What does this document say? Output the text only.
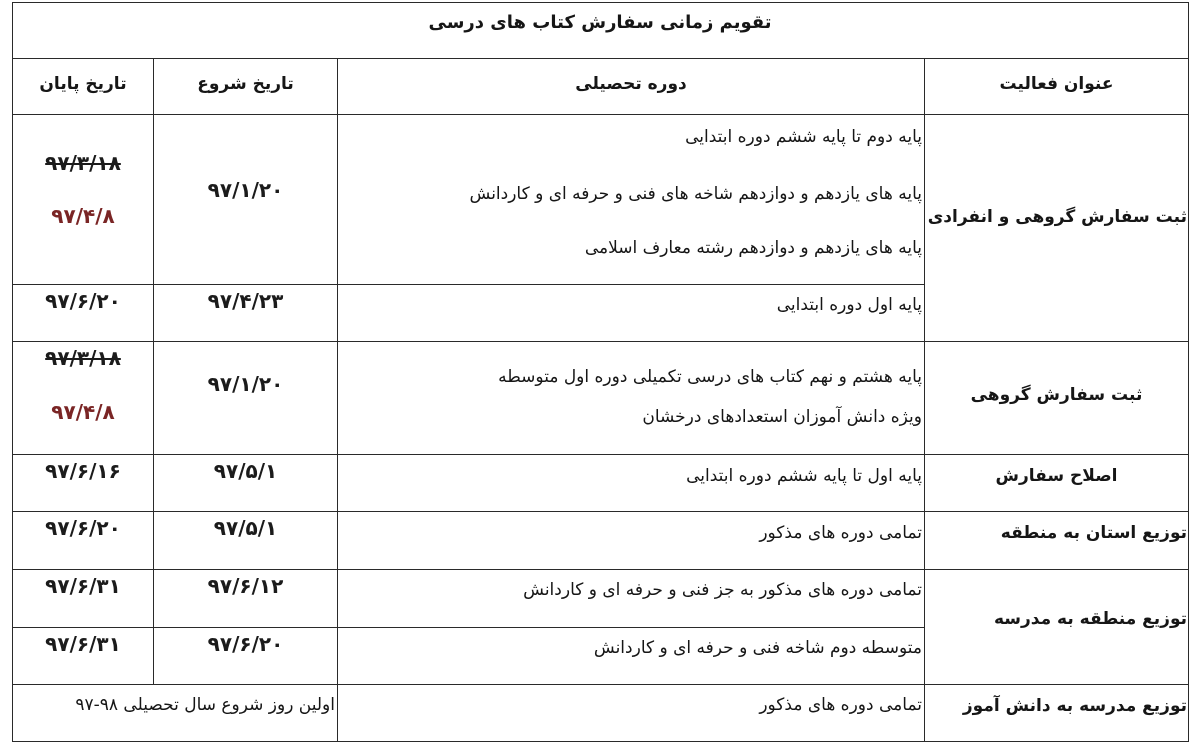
تقویم زمانی سفارش کتاب های درسی
عنوان فعالیت
دوره تحصیلی
تاریخ شروع
تاریخ پایان
ثبت سفارش گروهی و انفرادی
پایه دوم تا پایه ششم دوره ابتدایی
پایه های یازدهم و دوازدهم شاخه های فنی و حرفه ای و کاردانش
پایه های یازدهم و دوازدهم رشته معارف اسلامی
۹۷/۱/۲۰
۹۷/۳/۱۸
۹۷/۴/۸
پایه اول دوره ابتدایی
۹۷/۴/۲۳
۹۷/۶/۲۰
ثبت سفارش گروهی
پایه هشتم و نهم کتاب های درسی تکمیلی دوره اول متوسطه
ویژه دانش آموزان استعدادهای درخشان
۹۷/۱/۲۰
۹۷/۳/۱۸
۹۷/۴/۸
اصلاح سفارش
پایه اول تا پایه ششم دوره ابتدایی
۹۷/۵/۱
۹۷/۶/۱۶
توزیع استان به منطقه
تمامی دوره های مذکور
۹۷/۵/۱
۹۷/۶/۲۰
توزیع منطقه به مدرسه
تمامی دوره های مذکور به جز فنی و حرفه ای و کاردانش
۹۷/۶/۱۲
۹۷/۶/۳۱
متوسطه دوم شاخه فنی و حرفه ای و کاردانش
۹۷/۶/۲۰
۹۷/۶/۳۱
توزیع مدرسه به دانش آموز
تمامی دوره های مذکور
اولین روز شروع سال تحصیلی ۹۸-۹۷
